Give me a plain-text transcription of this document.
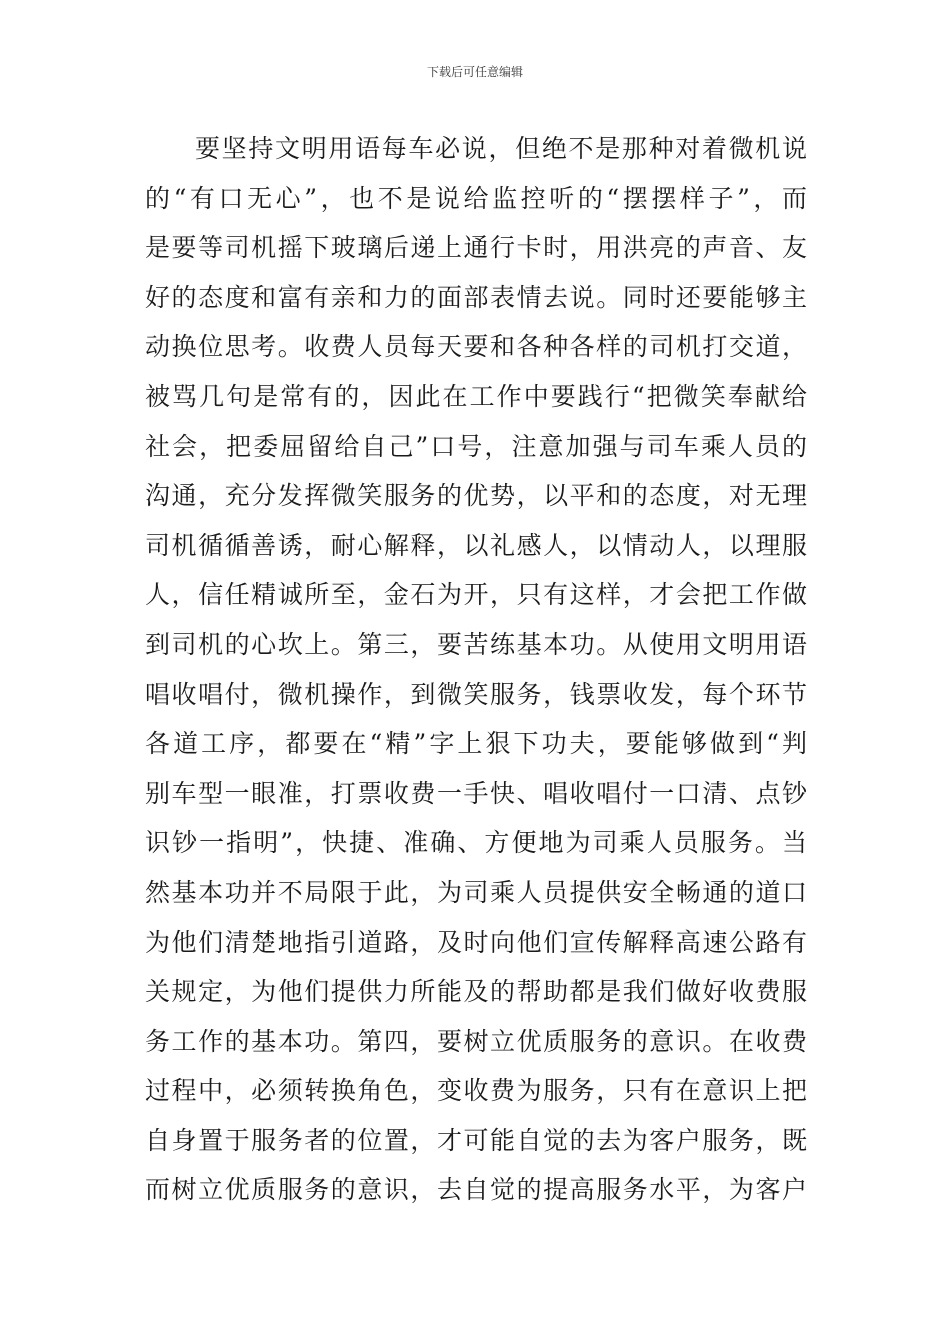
下载后可任意编辑
要坚持文明用语每车必说，但绝不是那种对着微机说
的“有口无心”，也不是说给监控听的“摆摆样子”，而
是要等司机摇下玻璃后递上通行卡时，用洪亮的声音、友
好的态度和富有亲和力的面部表情去说。同时还要能够主
动换位思考。收费人员每天要和各种各样的司机打交道，
被骂几句是常有的，因此在工作中要践行“把微笑奉献给
社会，把委屈留给自己”口号，注意加强与司车乘人员的
沟通，充分发挥微笑服务的优势，以平和的态度，对无理
司机循循善诱，耐心解释，以礼感人，以情动人，以理服
人，信任精诚所至，金石为开，只有这样，才会把工作做
到司机的心坎上。第三，要苦练基本功。从使用文明用语
唱收唱付，微机操作，到微笑服务，钱票收发，每个环节
各道工序，都要在“精”字上狠下功夫，要能够做到“判
别车型一眼准，打票收费一手快、唱收唱付一口清、点钞
识钞一指明”，快捷、准确、方便地为司乘人员服务。当
然基本功并不局限于此，为司乘人员提供安全畅通的道口
为他们清楚地指引道路，及时向他们宣传解释高速公路有
关规定，为他们提供力所能及的帮助都是我们做好收费服
务工作的基本功。第四，要树立优质服务的意识。在收费
过程中，必须转换角色，变收费为服务，只有在意识上把
自身置于服务者的位置，才可能自觉的去为客户服务，既
而树立优质服务的意识，去自觉的提高服务水平，为客户
